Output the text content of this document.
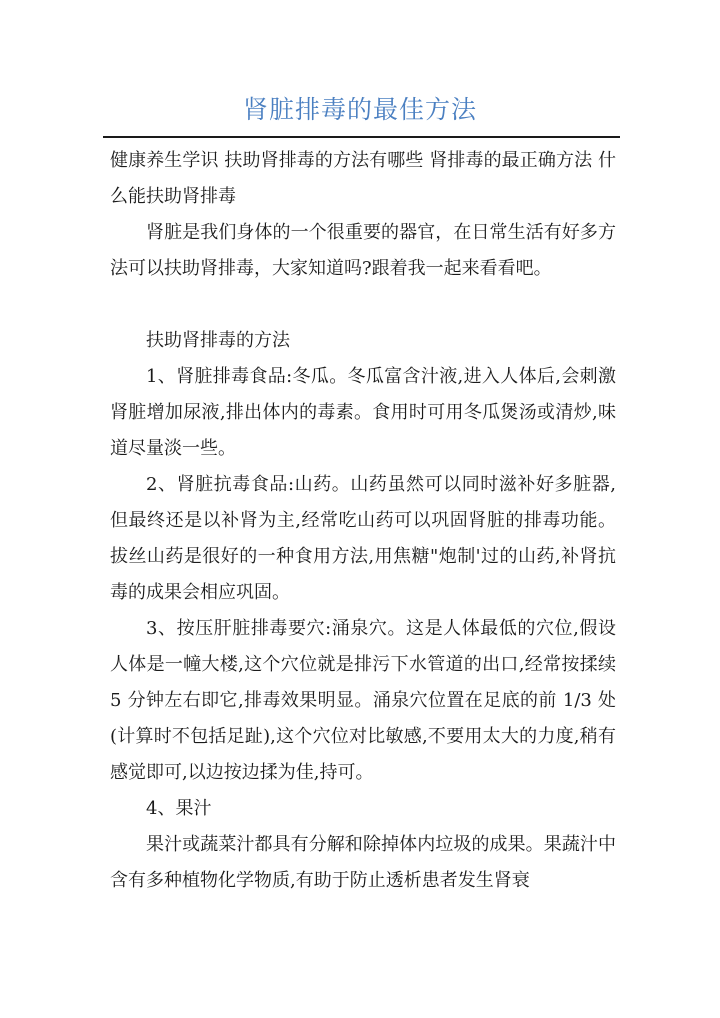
肾脏排毒的最佳方法

健康养生学识 扶助肾排毒的方法有哪些 肾排毒的最正确方法 什么能扶助肾排毒

肾脏是我们身体的一个很重要的器官，在日常生活有好多方法可以扶助肾排毒，大家知道吗?跟着我一起来看看吧。

扶助肾排毒的方法

1、肾脏排毒食品:冬瓜。冬瓜富含汁液,进入人体后,会刺激肾脏增加尿液,排出体内的毒素。食用时可用冬瓜煲汤或清炒,味道尽量淡一些。

2、肾脏抗毒食品:山药。山药虽然可以同时滋补好多脏器,但最终还是以补肾为主,经常吃山药可以巩固肾脏的排毒功能。拔丝山药是很好的一种食用方法,用焦糖"炮制'过的山药,补肾抗毒的成果会相应巩固。

3、按压肝脏排毒要穴:涌泉穴。这是人体最低的穴位,假设人体是一幢大楼,这个穴位就是排污下水管道的出口,经常按揉续 5 分钟左右即它,排毒效果明显。涌泉穴位置在足底的前 1/3 处(计算时不包括足趾),这个穴位对比敏感,不要用太大的力度,稍有感觉即可,以边按边揉为佳,持可。

4、果汁

果汁或蔬菜汁都具有分解和除掉体内垃圾的成果。果蔬汁中含有多种植物化学物质,有助于防止透析患者发生肾衰
